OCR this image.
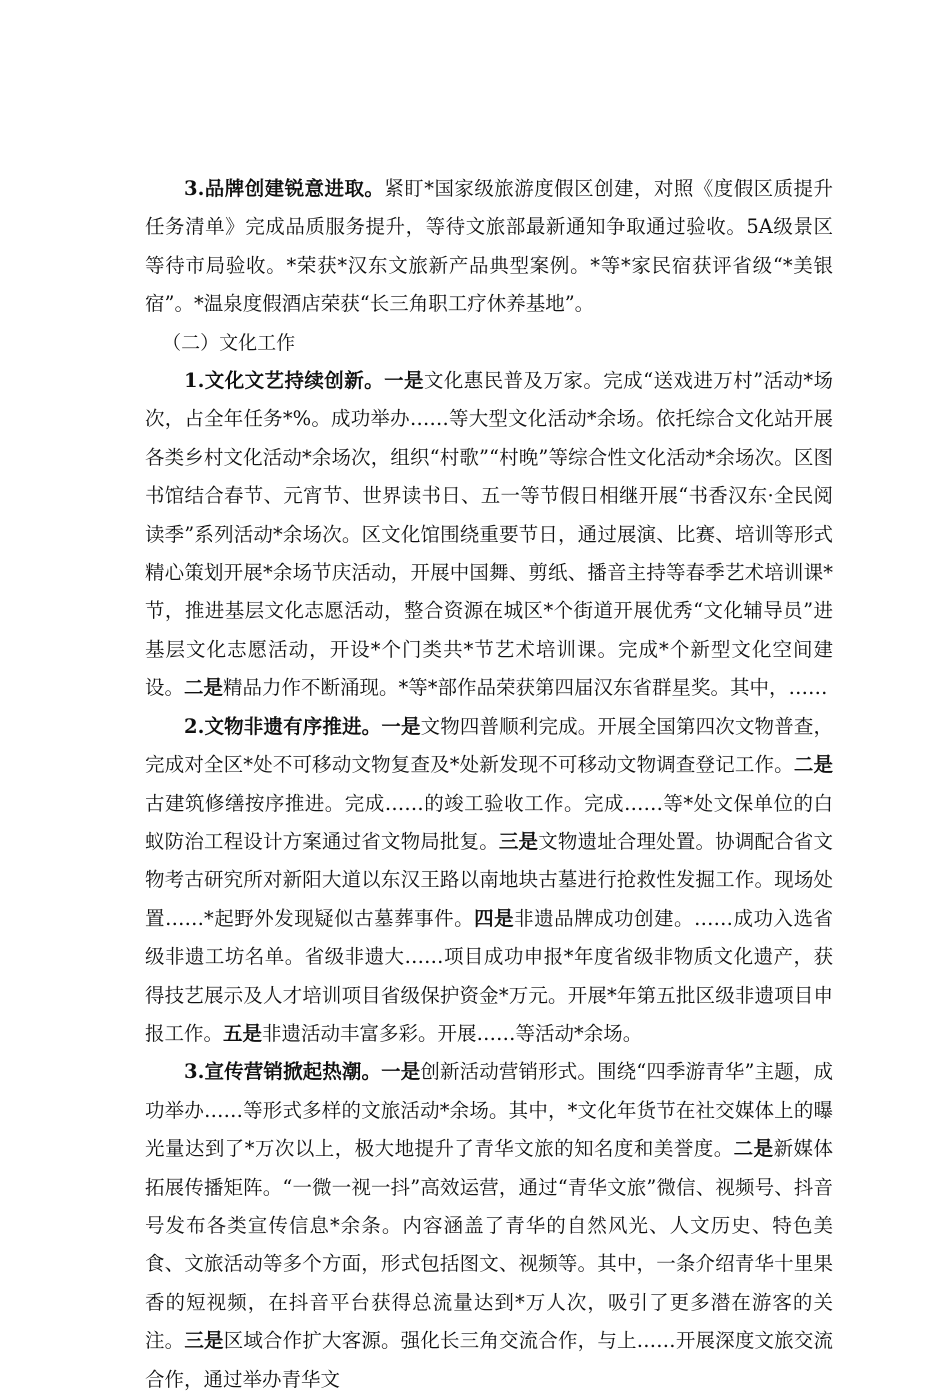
3.品牌创建锐意进取。紧盯*国家级旅游度假区创建，对照《度假区质提升任务清单》完成品质服务提升，等待文旅部最新通知争取通过验收。5A级景区等待市局验收。*荣获*汉东文旅新产品典型案例。*等*家民宿获评省级“*美银宿”。*温泉度假酒店荣获“长三角职工疗休养基地”。

（二）文化工作

1.文化文艺持续创新。一是文化惠民普及万家。完成“送戏进万村”活动*场次，占全年任务*%。成功举办……等大型文化活动*余场。依托综合文化站开展各类乡村文化活动*余场次，组织“村歌”“村晚”等综合性文化活动*余场次。区图书馆结合春节、元宵节、世界读书日、五一等节假日相继开展“书香汉东·全民阅读季”系列活动*余场次。区文化馆围绕重要节日，通过展演、比赛、培训等形式精心策划开展*余场节庆活动，开展中国舞、剪纸、播音主持等春季艺术培训课*节，推进基层文化志愿活动，整合资源在城区*个街道开展优秀“文化辅导员”进基层文化志愿活动，开设*个门类共*节艺术培训课。完成*个新型文化空间建设。二是精品力作不断涌现。*等*部作品荣获第四届汉东省群星奖。其中，……

2.文物非遗有序推进。一是文物四普顺利完成。开展全国第四次文物普查，完成对全区*处不可移动文物复查及*处新发现不可移动文物调查登记工作。二是古建筑修缮按序推进。完成……的竣工验收工作。完成……等*处文保单位的白蚁防治工程设计方案通过省文物局批复。三是文物遗址合理处置。协调配合省文物考古研究所对新阳大道以东汉王路以南地块古墓进行抢救性发掘工作。现场处置……*起野外发现疑似古墓葬事件。四是非遗品牌成功创建。……成功入选省级非遗工坊名单。省级非遗大……项目成功申报*年度省级非物质文化遗产，获得技艺展示及人才培训项目省级保护资金*万元。开展*年第五批区级非遗项目申报工作。五是非遗活动丰富多彩。开展……等活动*余场。

3.宣传营销掀起热潮。一是创新活动营销形式。围绕“四季游青华”主题，成功举办……等形式多样的文旅活动*余场。其中，*文化年货节在社交媒体上的曝光量达到了*万次以上，极大地提升了青华文旅的知名度和美誉度。二是新媒体拓展传播矩阵。“一微一视一抖”高效运营，通过“青华文旅”微信、视频号、抖音号发布各类宣传信息*余条。内容涵盖了青华的自然风光、人文历史、特色美食、文旅活动等多个方面，形式包括图文、视频等。其中，一条介绍青华十里果香的短视频，在抖音平台获得总流量达到*万人次，吸引了更多潜在游客的关注。三是区域合作扩大客源。强化长三角交流合作，与上……开展深度文旅交流合作，通过举办青华文
